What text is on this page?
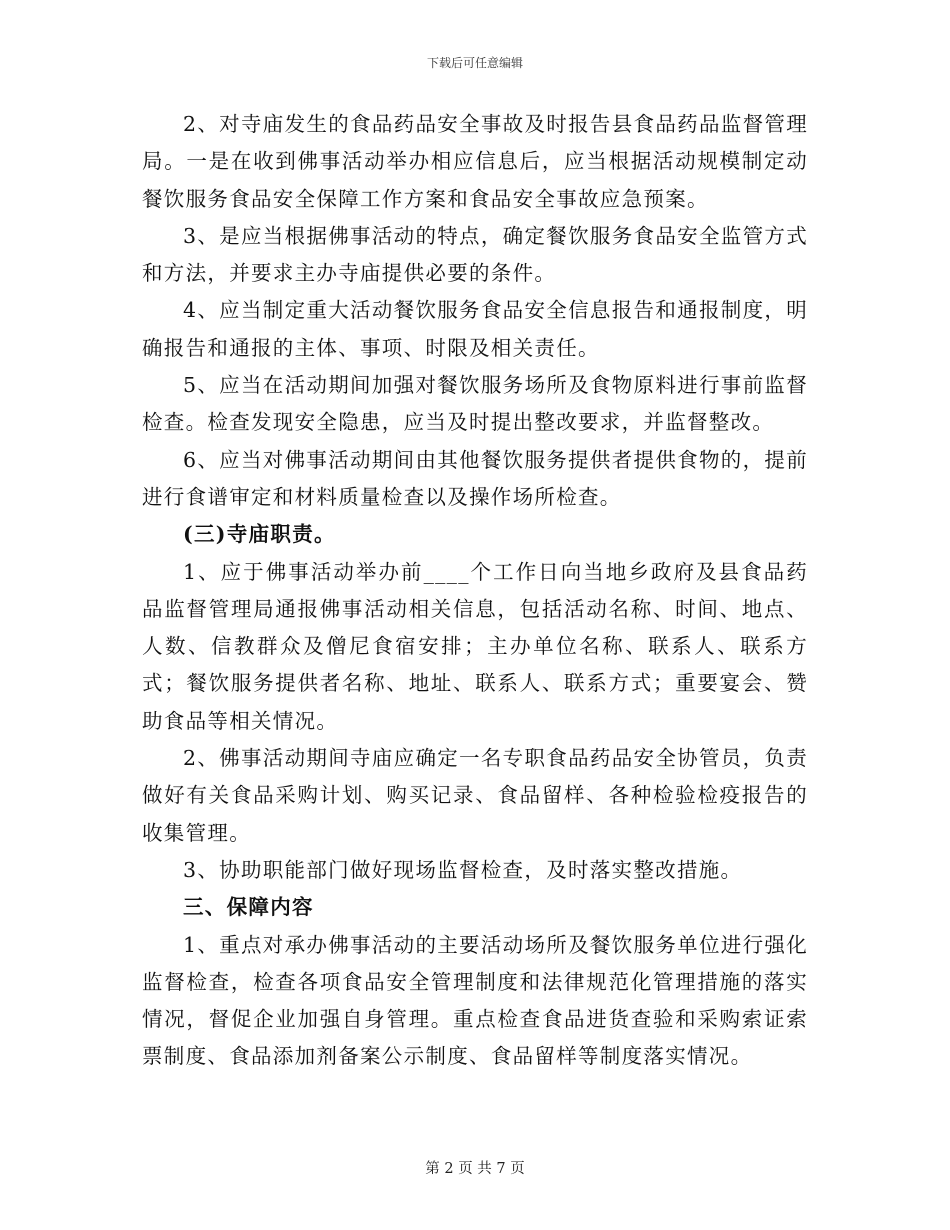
下载后可任意编辑

2、对寺庙发生的食品药品安全事故及时报告县食品药品监督管理局。一是在收到佛事活动举办相应信息后，应当根据活动规模制定动餐饮服务食品安全保障工作方案和食品安全事故应急预案。

3、是应当根据佛事活动的特点，确定餐饮服务食品安全监管方式和方法，并要求主办寺庙提供必要的条件。

4、应当制定重大活动餐饮服务食品安全信息报告和通报制度，明确报告和通报的主体、事项、时限及相关责任。

5、应当在活动期间加强对餐饮服务场所及食物原料进行事前监督检查。检查发现安全隐患，应当及时提出整改要求，并监督整改。

6、应当对佛事活动期间由其他餐饮服务提供者提供食物的，提前进行食谱审定和材料质量检查以及操作场所检查。

(三)寺庙职责。

1、应于佛事活动举办前____个工作日向当地乡政府及县食品药品监督管理局通报佛事活动相关信息，包括活动名称、时间、地点、人数、信教群众及僧尼食宿安排；主办单位名称、联系人、联系方式；餐饮服务提供者名称、地址、联系人、联系方式；重要宴会、赞助食品等相关情况。

2、佛事活动期间寺庙应确定一名专职食品药品安全协管员，负责做好有关食品采购计划、购买记录、食品留样、各种检验检疫报告的收集管理。

3、协助职能部门做好现场监督检查，及时落实整改措施。

三、保障内容

1、重点对承办佛事活动的主要活动场所及餐饮服务单位进行强化监督检查，检查各项食品安全管理制度和法律规范化管理措施的落实情况，督促企业加强自身管理。重点检查食品进货查验和采购索证索票制度、食品添加剂备案公示制度、食品留样等制度落实情况。

第 2 页 共 7 页
